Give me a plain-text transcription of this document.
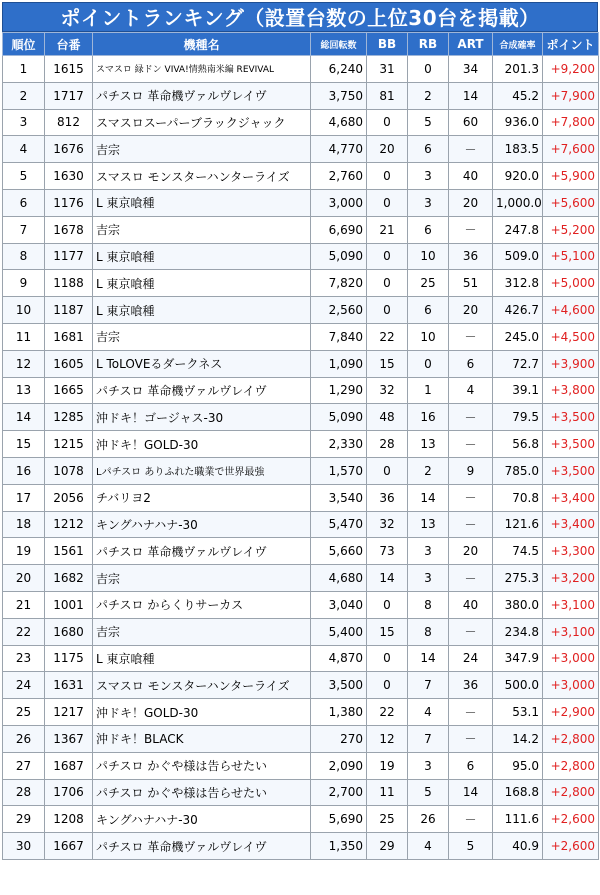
ポイントランキング（設置台数の上位30台を掲載）
順位	台番	機種名	総回転数	BB	RB	ART	合成確率	ポイント
1	1615	スマスロ 緑ドン VIVA!情熱南米編 REVIVAL	6,240	31	0	34	201.3	+9,200
2	1717	パチスロ 革命機ヴァルヴレイヴ	3,750	81	2	14	45.2	+7,900
3	812	スマスロスーパーブラックジャック	4,680	0	5	60	936.0	+7,800
4	1676	吉宗	4,770	20	6	－	183.5	+7,600
5	1630	スマスロ モンスターハンターライズ	2,760	0	3	40	920.0	+5,900
6	1176	L 東京喰種	3,000	0	3	20	1,000.0	+5,600
7	1678	吉宗	6,690	21	6	－	247.8	+5,200
8	1177	L 東京喰種	5,090	0	10	36	509.0	+5,100
9	1188	L 東京喰種	7,820	0	25	51	312.8	+5,000
10	1187	L 東京喰種	2,560	0	6	20	426.7	+4,600
11	1681	吉宗	7,840	22	10	－	245.0	+4,500
12	1605	L ToLOVEるダークネス	1,090	15	0	6	72.7	+3,900
13	1665	パチスロ 革命機ヴァルヴレイヴ	1,290	32	1	4	39.1	+3,800
14	1285	沖ドキ！ゴージャス-30	5,090	48	16	－	79.5	+3,500
15	1215	沖ドキ！GOLD-30	2,330	28	13	－	56.8	+3,500
16	1078	Lパチスロ ありふれた職業で世界最強	1,570	0	2	9	785.0	+3,500
17	2056	チバリヨ2	3,540	36	14	－	70.8	+3,400
18	1212	キングハナハナ-30	5,470	32	13	－	121.6	+3,400
19	1561	パチスロ 革命機ヴァルヴレイヴ	5,660	73	3	20	74.5	+3,300
20	1682	吉宗	4,680	14	3	－	275.3	+3,200
21	1001	パチスロ からくりサーカス	3,040	0	8	40	380.0	+3,100
22	1680	吉宗	5,400	15	8	－	234.8	+3,100
23	1175	L 東京喰種	4,870	0	14	24	347.9	+3,000
24	1631	スマスロ モンスターハンターライズ	3,500	0	7	36	500.0	+3,000
25	1217	沖ドキ！GOLD-30	1,380	22	4	－	53.1	+2,900
26	1367	沖ドキ！BLACK	270	12	7	－	14.2	+2,800
27	1687	パチスロ かぐや様は告らせたい	2,090	19	3	6	95.0	+2,800
28	1706	パチスロ かぐや様は告らせたい	2,700	11	5	14	168.8	+2,800
29	1208	キングハナハナ-30	5,690	25	26	－	111.6	+2,600
30	1667	パチスロ 革命機ヴァルヴレイヴ	1,350	29	4	5	40.9	+2,600
